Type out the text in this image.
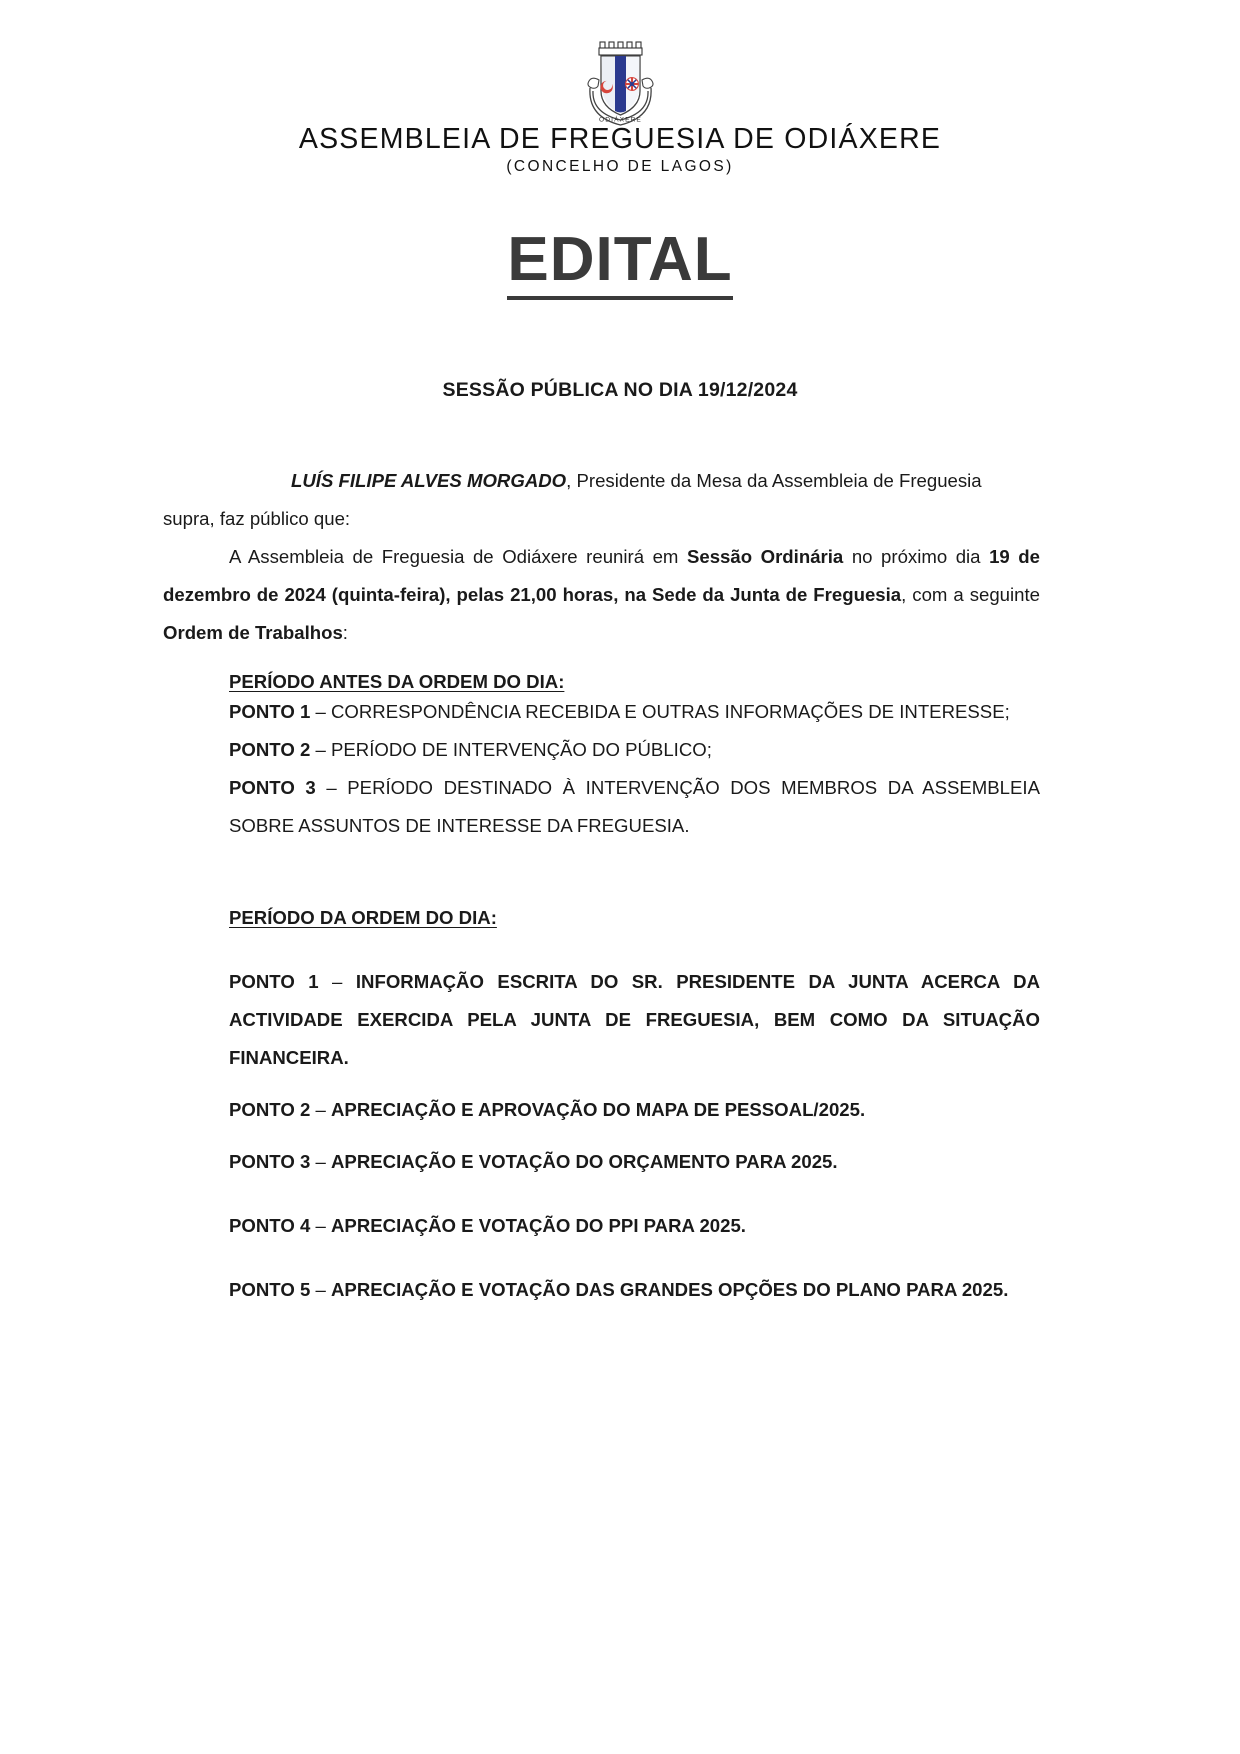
ODIÁXERE
ASSEMBLEIA DE FREGUESIA DE ODIÁXERE
(CONCELHO DE LAGOS)
EDITAL
SESSÃO PÚBLICA NO DIA 19/12/2024

LUÍS FILIPE ALVES MORGADO, Presidente da Mesa da Assembleia de Freguesia

supra, faz público que:

A Assembleia de Freguesia de Odiáxere reunirá em Sessão Ordinária no próximo dia 19 de dezembro de 2024 (quinta-feira), pelas 21,00 horas, na Sede da Junta de Freguesia, com a seguinte Ordem de Trabalhos:

PERÍODO ANTES DA ORDEM DO DIA:

PONTO 1 – CORRESPONDÊNCIA RECEBIDA E OUTRAS INFORMAÇÕES DE INTERESSE;

PONTO 2 – PERÍODO DE INTERVENÇÃO DO PÚBLICO;

PONTO 3 – PERÍODO DESTINADO À INTERVENÇÃO DOS MEMBROS DA ASSEMBLEIA SOBRE ASSUNTOS DE INTERESSE DA FREGUESIA.

PERÍODO DA ORDEM DO DIA:

PONTO 1 – INFORMAÇÃO ESCRITA DO SR. PRESIDENTE DA JUNTA ACERCA DA ACTIVIDADE EXERCIDA PELA JUNTA DE FREGUESIA, BEM COMO DA SITUAÇÃO FINANCEIRA.

PONTO 2 – APRECIAÇÃO E APROVAÇÃO DO MAPA DE PESSOAL/2025.

PONTO 3 – APRECIAÇÃO E VOTAÇÃO DO ORÇAMENTO PARA 2025.

PONTO 4 – APRECIAÇÃO E VOTAÇÃO DO PPI PARA 2025.

PONTO 5 – APRECIAÇÃO E VOTAÇÃO DAS GRANDES OPÇÕES DO PLANO PARA 2025.
